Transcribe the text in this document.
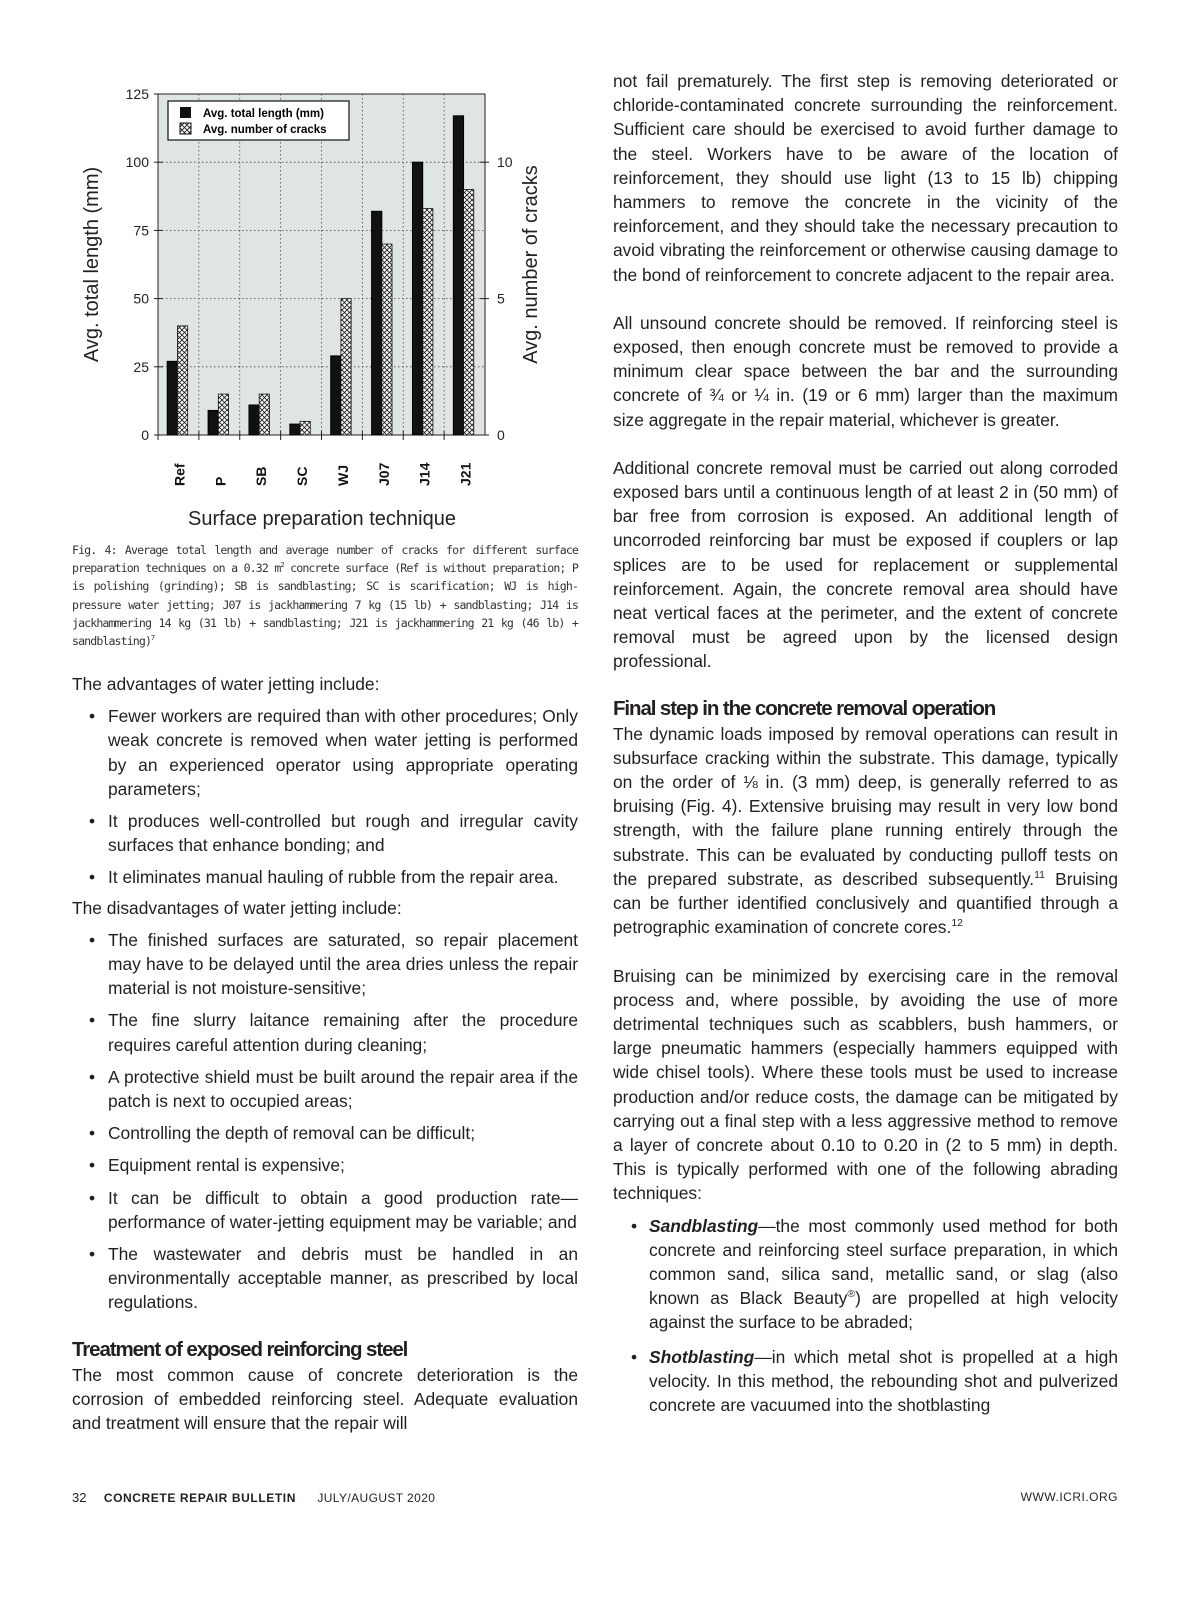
0
25
50
75
100
125
0
5
10
Ref P SB SC WJ J07 J14 J21
Avg. total length (mm)
Avg. number of cracks
Avg. total length (mm)	Avg. number of cracks
Surface preparation technique
Fig. 4: Average total length and average number of cracks for different surface preparation techniques on a 0.32 $m^2$ concrete surface (Ref is without preparation; P is polishing (grinding); SB is sandblasting; SC is scarification; WJ is high-pressure water jetting; J07 is jackhammering 7 kg (15 lb) + sandblasting; J14 is jackhammering 14 kg (31 lb) + sandblasting; J21 is jackhammering 21 kg (46 lb) + sandblasting)$^7$

The advantages of water jetting include:

• Fewer workers are required than with other procedures; Only weak concrete is removed when water jetting is performed by an experienced operator using appropriate operating parameters;
• It produces well-controlled but rough and irregular cavity surfaces that enhance bonding; and
• It eliminates manual hauling of rubble from the repair area.

The disadvantages of water jetting include:

• The finished surfaces are saturated, so repair placement may have to be delayed until the area dries unless the repair material is not moisture-sensitive;
• The fine slurry laitance remaining after the procedure requires careful attention during cleaning;
• A protective shield must be built around the repair area if the patch is next to occupied areas;
• Controlling the depth of removal can be difficult;
• Equipment rental is expensive;
• It can be difficult to obtain a good production rate—performance of water-jetting equipment may be variable; and
• The wastewater and debris must be handled in an environmentally acceptable manner, as prescribed by local regulations.
Treatment of exposed reinforcing steel

The most common cause of concrete deterioration is the corrosion of embedded reinforcing steel. Adequate evaluation and treatment will ensure that the repair will

not fail prematurely. The first step is removing deteriorated or chloride-contaminated concrete surrounding the reinforcement. Sufficient care should be exercised to avoid further damage to the steel. Workers have to be aware of the location of reinforcement, they should use light (13 to 15 lb) chipping hammers to remove the concrete in the vicinity of the reinforcement, and they should take the necessary precaution to avoid vibrating the reinforcement or otherwise causing damage to the bond of reinforcement to concrete adjacent to the repair area.

All unsound concrete should be removed. If reinforcing steel is exposed, then enough concrete must be removed to provide a minimum clear space between the bar and the surrounding concrete of ¾ or ¼ in. (19 or 6 mm) larger than the maximum size aggregate in the repair material, whichever is greater.

Additional concrete removal must be carried out along corroded exposed bars until a continuous length of at least 2 in (50 mm) of bar free from corrosion is exposed. An additional length of uncorroded reinforcing bar must be exposed if couplers or lap splices are to be used for replacement or supplemental reinforcement. Again, the concrete removal area should have neat vertical faces at the perimeter, and the extent of concrete removal must be agreed upon by the licensed design professional.

Final step in the concrete removal operation

The dynamic loads imposed by removal operations can result in subsurface cracking within the substrate. This damage, typically on the order of ⅛ in. (3 mm) deep, is generally referred to as bruising (Fig. 4). Extensive bruising may result in very low bond strength, with the failure plane running entirely through the substrate. This can be evaluated by conducting pulloff tests on the prepared substrate, as described subsequently.$^{11}$ Bruising can be further identified conclusively and quantified through a petrographic examination of concrete cores.$^{12}$

Bruising can be minimized by exercising care in the removal process and, where possible, by avoiding the use of more detrimental techniques such as scabblers, bush hammers, or large pneumatic hammers (especially hammers equipped with wide chisel tools). Where these tools must be used to increase production and/or reduce costs, the damage can be mitigated by carrying out a final step with a less aggressive method to remove a layer of concrete about 0.10 to 0.20 in (2 to 5 mm) in depth. This is typically performed with one of the following abrading techniques:

• Sandblasting—the most commonly used method for both concrete and reinforcing steel surface preparation, in which common sand, silica sand, metallic sand, or slag (also known as Black Beauty®) are propelled at high velocity against the surface to be abraded;
• Shotblasting—in which metal shot is propelled at a high velocity. In this method, the rebounding shot and pulverized concrete are vacuumed into the shotblasting
32 CONCRETE REPAIR BULLETIN JULY/AUGUST 2020	WWW.ICRI.ORG
